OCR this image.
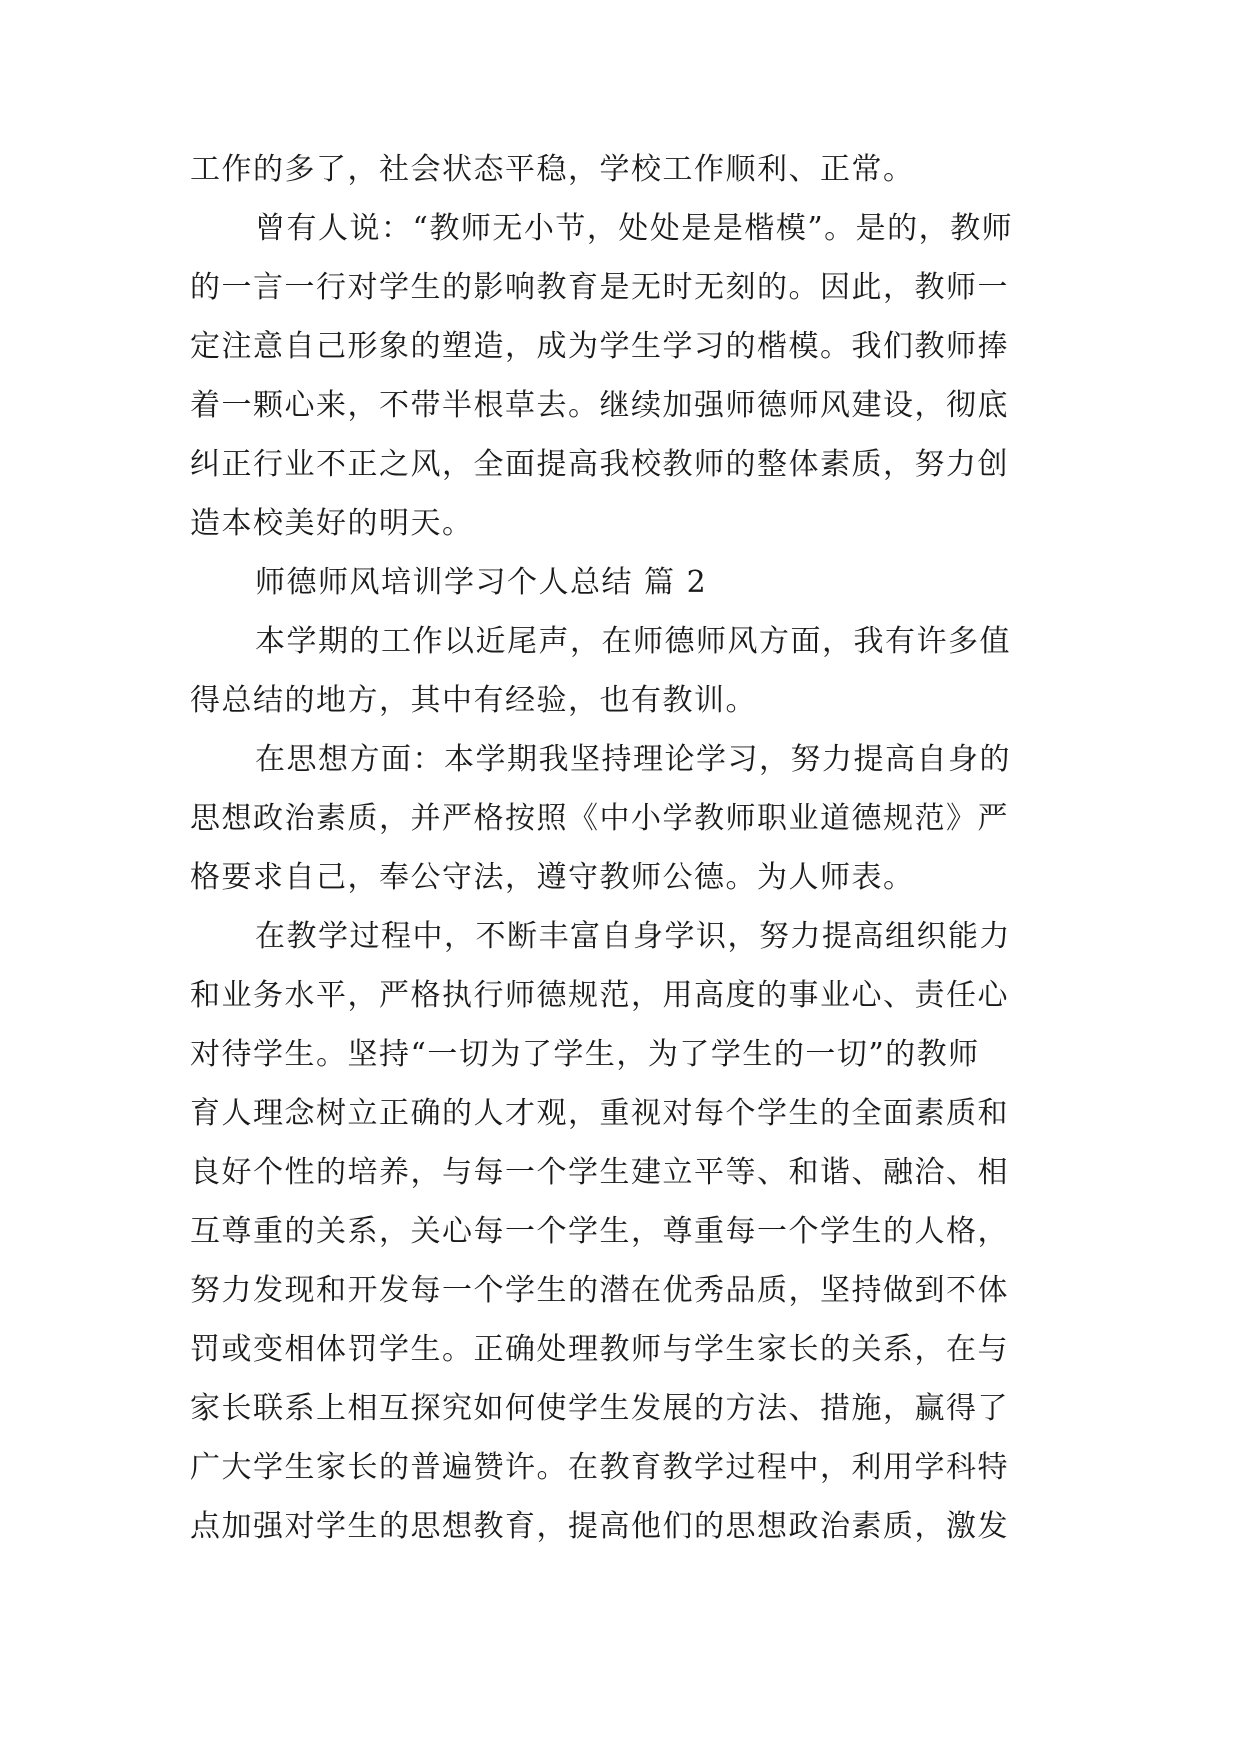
工作的多了，社会状态平稳，学校工作顺利、正常。
曾有人说：“教师无小节，处处是是楷模”。是的，教师
的一言一行对学生的影响教育是无时无刻的。因此，教师一
定注意自己形象的塑造，成为学生学习的楷模。我们教师捧
着一颗心来，不带半根草去。继续加强师德师风建设，彻底
纠正行业不正之风，全面提高我校教师的整体素质，努力创
造本校美好的明天。
师德师风培训学习个人总结 篇 2
本学期的工作以近尾声，在师德师风方面，我有许多值
得总结的地方，其中有经验，也有教训。
在思想方面：本学期我坚持理论学习，努力提高自身的
思想政治素质，并严格按照《中小学教师职业道德规范》严
格要求自己，奉公守法，遵守教师公德。为人师表。
在教学过程中，不断丰富自身学识，努力提高组织能力
和业务水平，严格执行师德规范，用高度的事业心、责任心
对待学生。坚持“一切为了学生，为了学生的一切”的教师
育人理念树立正确的人才观，重视对每个学生的全面素质和
良好个性的培养，与每一个学生建立平等、和谐、融洽、相
互尊重的关系，关心每一个学生，尊重每一个学生的人格，
努力发现和开发每一个学生的潜在优秀品质，坚持做到不体
罚或变相体罚学生。正确处理教师与学生家长的关系，在与
家长联系上相互探究如何使学生发展的方法、措施，赢得了
广大学生家长的普遍赞许。在教育教学过程中，利用学科特
点加强对学生的思想教育，提高他们的思想政治素质，激发
